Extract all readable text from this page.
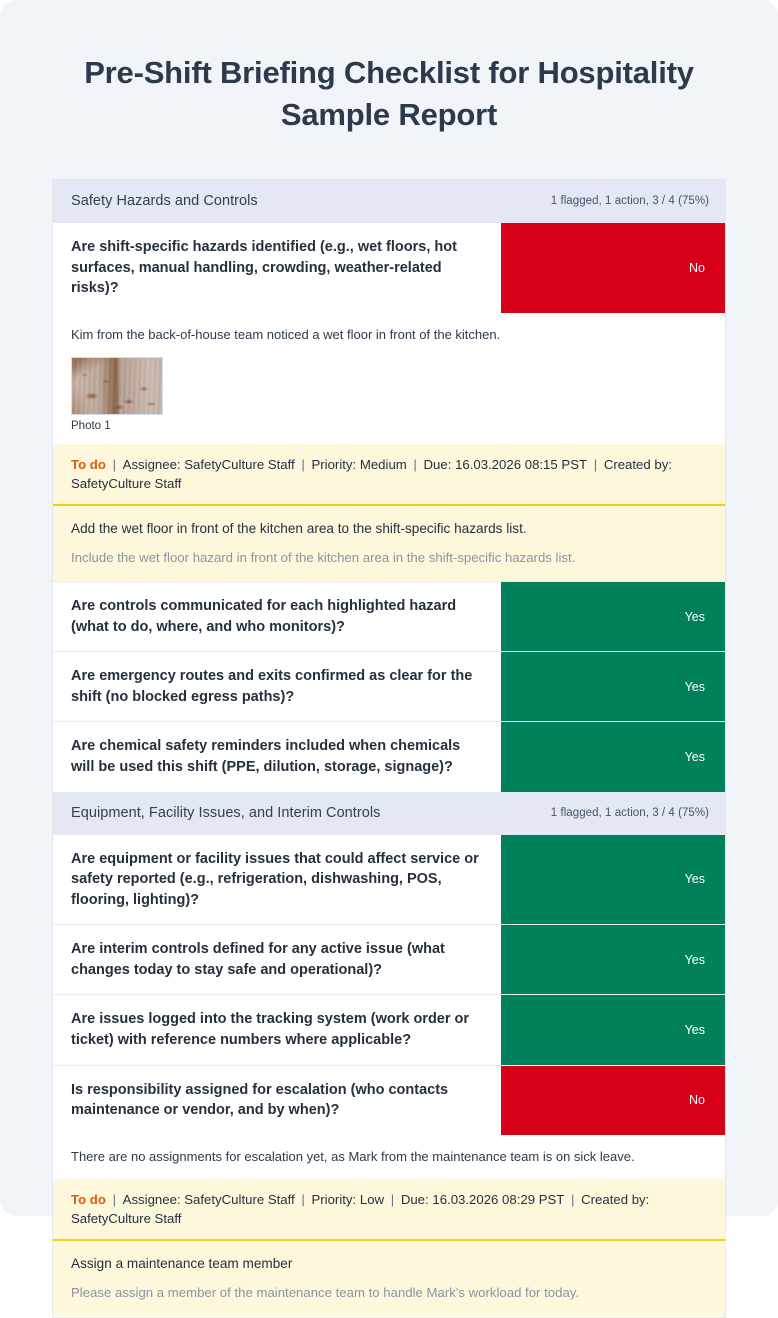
Pre-Shift Briefing Checklist for Hospitality Sample Report
Safety Hazards and Controls	1 flagged, 1 action, 3 / 4 (75%)
Are shift-specific hazards identified (e.g., wet floors, hot surfaces, manual handling, crowding, weather-related risks)?
No
Kim from the back-of-house team noticed a wet floor in front of the kitchen.
Photo 1
To do | Assignee: SafetyCulture Staff | Priority: Medium | Due: 16.03.2026 08:15 PST | Created by: SafetyCulture Staff
Add the wet floor in front of the kitchen area to the shift-specific hazards list.
Include the wet floor hazard in front of the kitchen area in the shift-specific hazards list.
Are controls communicated for each highlighted hazard (what to do, where, and who monitors)?
Yes
Are emergency routes and exits confirmed as clear for the shift (no blocked egress paths)?
Yes
Are chemical safety reminders included when chemicals will be used this shift (PPE, dilution, storage, signage)?
Yes
Equipment, Facility Issues, and Interim Controls	1 flagged, 1 action, 3 / 4 (75%)
Are equipment or facility issues that could affect service or safety reported (e.g., refrigeration, dishwashing, POS, flooring, lighting)?
Yes
Are interim controls defined for any active issue (what changes today to stay safe and operational)?
Yes
Are issues logged into the tracking system (work order or ticket) with reference numbers where applicable?
Yes
Is responsibility assigned for escalation (who contacts maintenance or vendor, and by when)?
No
There are no assignments for escalation yet, as Mark from the maintenance team is on sick leave.
To do | Assignee: SafetyCulture Staff | Priority: Low | Due: 16.03.2026 08:29 PST | Created by: SafetyCulture Staff
Assign a maintenance team member
Please assign a member of the maintenance team to handle Mark's workload for today.
